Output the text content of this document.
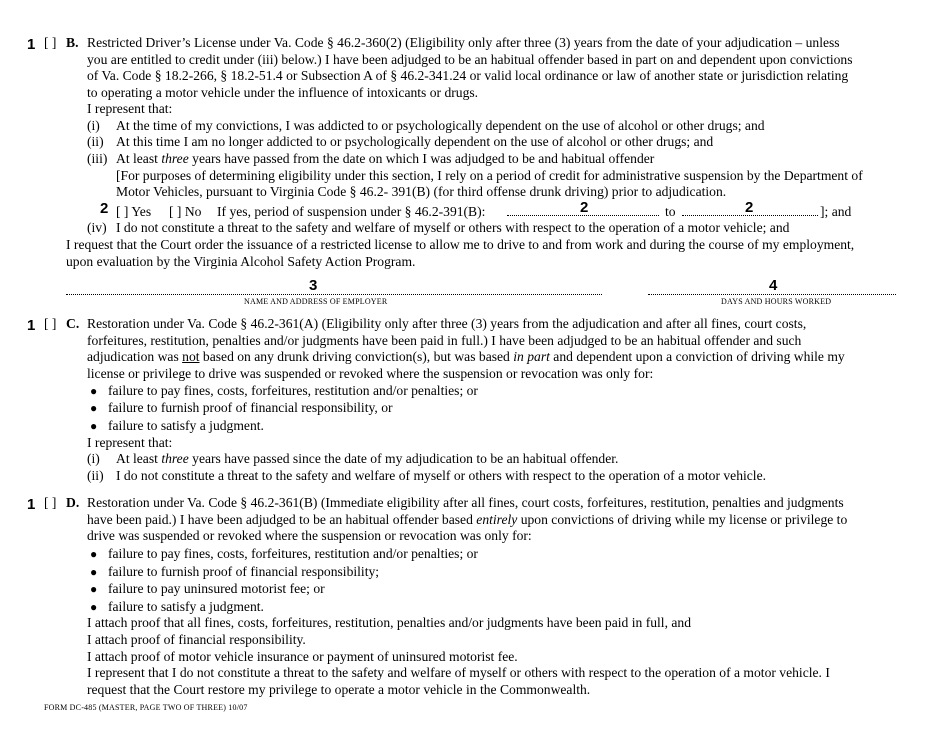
1 [ ] B. Restricted Driver’s License under Va. Code § 46.2-360(2) (Eligibility only after three (3) years from the date of your adjudication – unless
you are entitled to credit under (iii) below.) I have been adjudged to be an habitual offender based in part on and dependent upon convictions
of Va. Code § 18.2-266, § 18.2-51.4 or Subsection A of § 46.2-341.24 or valid local ordinance or law of another state or jurisdiction relating
to operating a motor vehicle under the influence of intoxicants or drugs.
I represent that:
(i) At the time of my convictions, I was addicted to or psychologically dependent on the use of alcohol or other drugs; and
(ii) At this time I am no longer addicted to or psychologically dependent on the use of alcohol or other drugs; and
(iii) At least three years have passed from the date on which I was adjudged to be and habitual offender
[For purposes of determining eligibility under this section, I rely on a period of credit for administrative suspension by the Department of
Motor Vehicles, pursuant to Virginia Code § 46.2- 391(B) (for third offense drunk driving) prior to adjudication.
2 [ ] Yes [ ] No If yes, period of suspension under § 46.2-391(B):	2	to	2	]; and
(iv) I do not constitute a threat to the safety and welfare of myself or others with respect to the operation of a motor vehicle; and
I request that the Court order the issuance of a restricted license to allow me to drive to and from work and during the course of my employment,
upon evaluation by the Virginia Alcohol Safety Action Program.
3
NAME AND ADDRESS OF EMPLOYER
4
DAYS AND HOURS WORKED
1 [ ] C. Restoration under Va. Code § 46.2-361(A) (Eligibility only after three (3) years from the adjudication and after all fines, court costs,
forfeitures, restitution, penalties and/or judgments have been paid in full.) I have been adjudged to be an habitual offender and such
adjudication was not based on any drunk driving conviction(s), but was based in part and dependent upon a conviction of driving while my
license or privilege to drive was suspended or revoked where the suspension or revocation was only for:
● failure to pay fines, costs, forfeitures, restitution and/or penalties; or
● failure to furnish proof of financial responsibility, or
● failure to satisfy a judgment.
I represent that:
(i) At least three years have passed since the date of my adjudication to be an habitual offender.
(ii) I do not constitute a threat to the safety and welfare of myself or others with respect to the operation of a motor vehicle.
1 [ ] D. Restoration under Va. Code § 46.2-361(B) (Immediate eligibility after all fines, court costs, forfeitures, restitution, penalties and judgments
have been paid.) I have been adjudged to be an habitual offender based entirely upon convictions of driving while my license or privilege to
drive was suspended or revoked where the suspension or revocation was only for:
● failure to pay fines, costs, forfeitures, restitution and/or penalties; or
● failure to furnish proof of financial responsibility;
● failure to pay uninsured motorist fee; or
● failure to satisfy a judgment.
I attach proof that all fines, costs, forfeitures, restitution, penalties and/or judgments have been paid in full, and
I attach proof of financial responsibility.
I attach proof of motor vehicle insurance or payment of uninsured motorist fee.
I represent that I do not constitute a threat to the safety and welfare of myself or others with respect to the operation of a motor vehicle. I
request that the Court restore my privilege to operate a motor vehicle in the Commonwealth.
FORM DC-485 (MASTER, PAGE TWO OF THREE) 10/07
